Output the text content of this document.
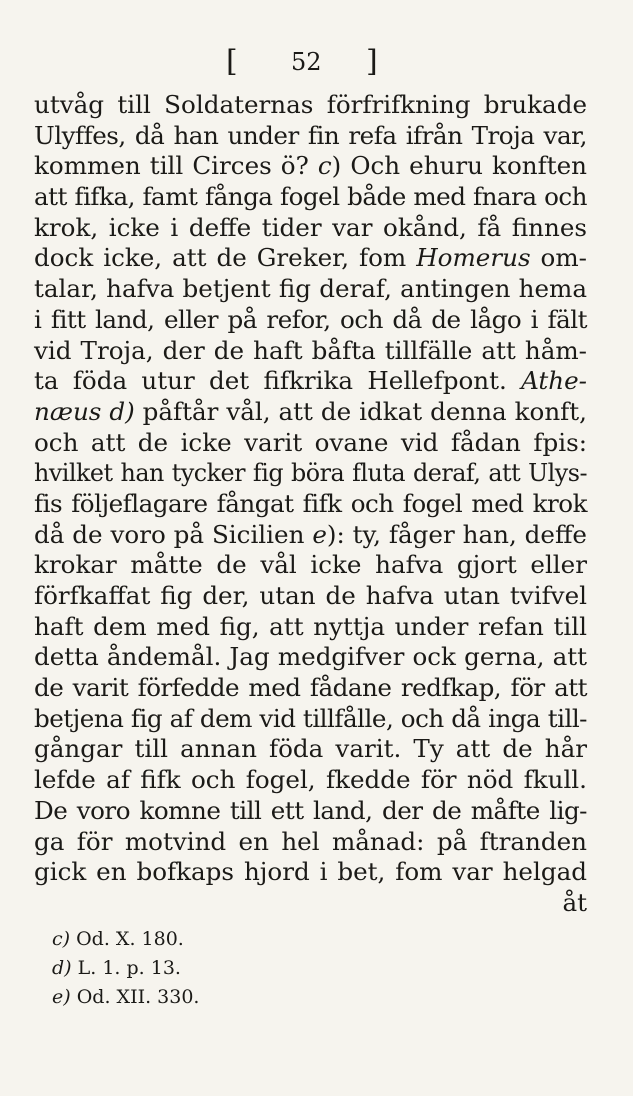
[ 52 ]
utvåg till Soldaternas förfrifkning brukade
Ulyffes, då han under fin refa ifrån Troja var,
kommen till Circes ö? c) Och ehuru konften
att fifka, famt fånga fogel både med fnara och
krok, icke i deffe tider var okånd, få finnes
dock icke, att de Greker, fom Homerus om-
talar, hafva betjent fig deraf, antingen hema
i fitt land, eller på refor, och då de lågo i fält
vid Troja, der de haft båfta tillfälle att håm-
ta föda utur det fifkrika Hellefpont. Athe-
næus d) påftår vål, att de idkat denna konft,
och att de icke varit ovane vid fådan fpis:
hvilket han tycker fig böra fluta deraf, att Ulys-
fis följeflagare fångat fifk och fogel med krok
då de voro på Sicilien e): ty, fåger han, deffe
krokar måtte de vål icke hafva gjort eller
förfkaffat fig der, utan de hafva utan tvifvel
haft dem med fig, att nyttja under refan till
detta åndemål. Jag medgifver ock gerna, att
de varit förfedde med fådane redfkap, för att
betjena fig af dem vid tillfålle, och då inga till-
gångar till annan föda varit. Ty att de hår
lefde af fifk och fogel, fkedde för nöd fkull.
De voro komne till ett land, der de måfte lig-
ga för motvind en hel månad: på ftranden
gick en bofkaps hjord i bet, fom var helgad
åt
c) Od. X. 180.
d) L. 1. p. 13.
e) Od. XII. 330.
